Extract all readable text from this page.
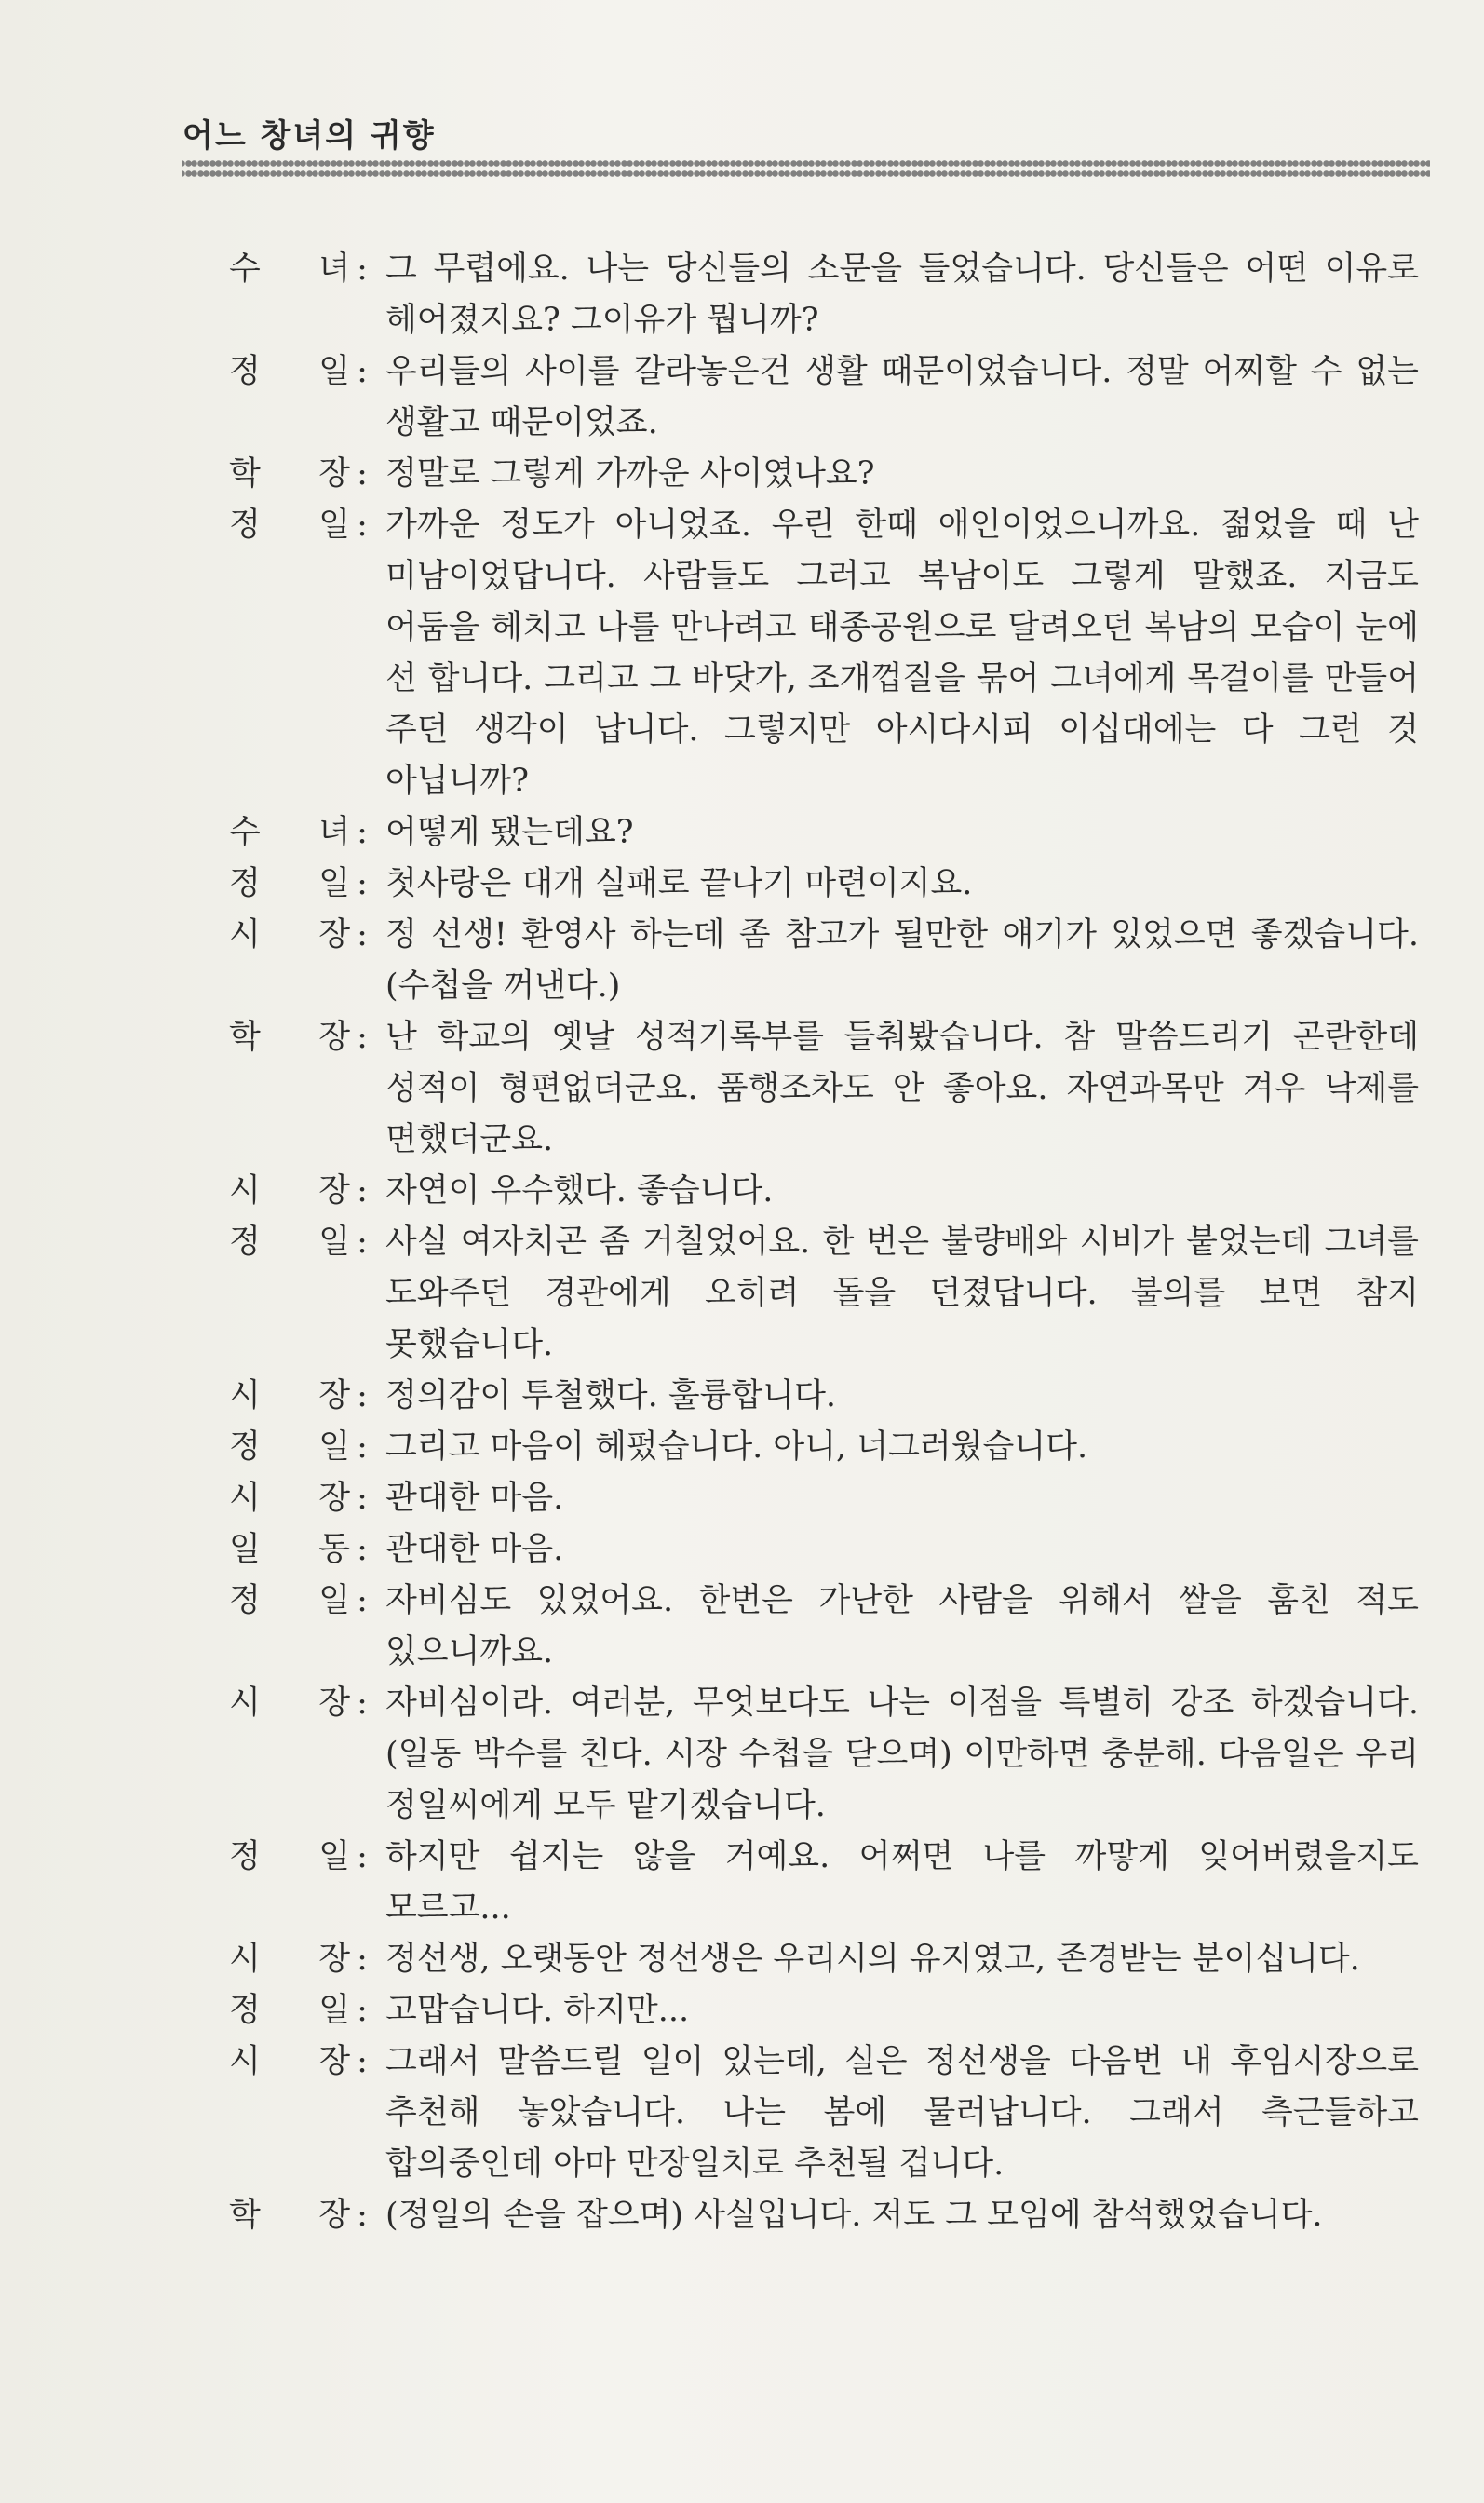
어느 창녀의 귀향
수 녀 : 그 무렵에요. 나는 당신들의 소문을 들었습니다. 당신들은 어떤 이유로 헤어졌지요? 그이유가 뭡니까?
정 일 : 우리들의 사이를 갈라놓은건 생활 때문이었습니다. 정말 어찌할 수 없는 생활고 때문이었죠.
학 장 : 정말로 그렇게 가까운 사이였나요?
정 일 : 가까운 정도가 아니었죠. 우린 한때 애인이었으니까요. 젊었을 때 난 미남이었답니다. 사람들도 그러고 복남이도 그렇게 말했죠. 지금도 어둠을 헤치고 나를 만나려고 태종공원으로 달려오던 복남의 모습이 눈에 선 합니다. 그리고 그 바닷가, 조개껍질을 묶어 그녀에게 목걸이를 만들어 주던 생각이 납니다. 그렇지만 아시다시피 이십대에는 다 그런 것 아닙니까?
수 녀 : 어떻게 됐는데요?
정 일 : 첫사랑은 대개 실패로 끝나기 마련이지요.
시 장 : 정 선생! 환영사 하는데 좀 참고가 될만한 얘기가 있었으면 좋겠습니다. (수첩을 꺼낸다.)
학 장 : 난 학교의 옛날 성적기록부를 들춰봤습니다. 참 말씀드리기 곤란한데 성적이 형편없더군요. 품행조차도 안 좋아요. 자연과목만 겨우 낙제를 면했더군요.
시 장 : 자연이 우수했다. 좋습니다.
정 일 : 사실 여자치곤 좀 거칠었어요. 한 번은 불량배와 시비가 붙었는데 그녀를 도와주던 경관에게 오히려 돌을 던졌답니다. 불의를 보면 참지 못했습니다.
시 장 : 정의감이 투철했다. 훌륭합니다.
정 일 : 그리고 마음이 헤펐습니다. 아니, 너그러웠습니다.
시 장 : 관대한 마음.
일 동 : 관대한 마음.
정 일 : 자비심도 있었어요. 한번은 가난한 사람을 위해서 쌀을 훔친 적도 있으니까요.
시 장 : 자비심이라. 여러분, 무엇보다도 나는 이점을 특별히 강조 하겠습니다.(일동 박수를 친다. 시장 수첩을 닫으며) 이만하면 충분해. 다음일은 우리 정일씨에게 모두 맡기겠습니다.
정 일 : 하지만 쉽지는 않을 거예요. 어쩌면 나를 까맣게 잊어버렸을지도 모르고...
시 장 : 정선생, 오랫동안 정선생은 우리시의 유지였고, 존경받는 분이십니다.
정 일 : 고맙습니다. 하지만...
시 장 : 그래서 말씀드릴 일이 있는데, 실은 정선생을 다음번 내 후임시장으로 추천해 놓았습니다. 나는 봄에 물러납니다. 그래서 측근들하고 합의중인데 아마 만장일치로 추천될 겁니다.
학 장 : (정일의 손을 잡으며) 사실입니다. 저도 그 모임에 참석했었습니다.
